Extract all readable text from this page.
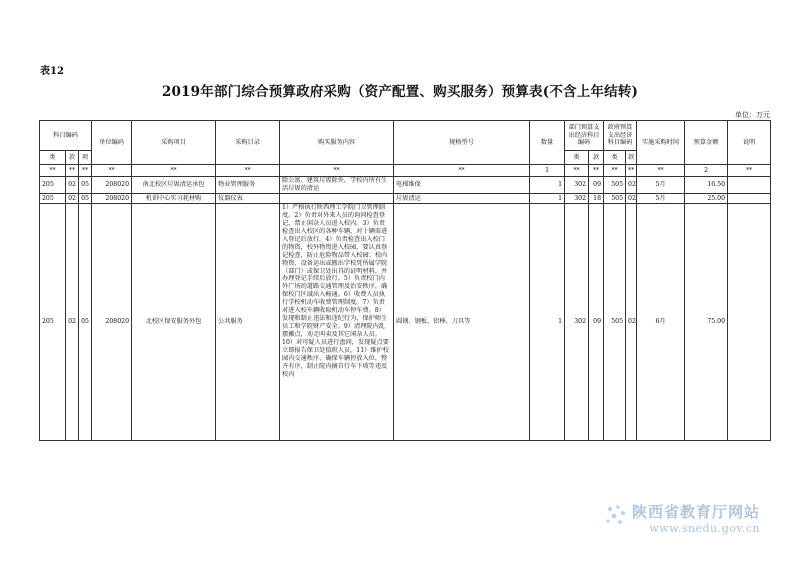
表12
2019年部门综合预算政府采购（资产配置、购买服务）预算表(不含上年结转)
单位：万元
科目编码			单位编码	采购项目	采购目录	购买服务内容	规格型号	数量	部门预算支出经济科目编码		政府预算支出经济科目编码		实施采购时间	预算金额	说明
类	款	项							类	款	类	款			
**	**	**	**	**	**	**	**	1	**	**	**	**	**	2	**
205	02	05	208020	南北校区垃圾清运承包	物业管理服务	除公寓、建筑垃圾除外，学校内所有生活垃圾的清运	电梯维保	1	302	09	505	02	5月	16.50	
205	02	05	208020	机训中心实习耗材购	仪器仪表		垃圾清运	1	302	18	505	02	5月	25.00	
205	02	05	208020	北校区保安服务外包	公共服务	1）严格执行陕西理工学院门卫管理制度。2）负责对外来人员的询问检查登记，禁止闲杂人员进入校内。3）负责检查出入校区的各种车辆，对十辆需进入登记后放行。4）负责检查出入校门的物资，校外物资进入校园，要认真登记检查，防止危险物品带入校园；校内物资、设备运出或搬出学校凭所属学院（部门）或保卫处出具的证明材料，并办理登记手续后放行。5）负责校门内外广场的道路交通管理及治安秩序，确保校门区域出入畅通。6）收费人员执行学校机动车收费管理制度。7）负责对进入校车辆收取机动车停车费。8）发现和制止违法和违纪行为，保护师生员工和学院财产安全。9）清理院内乱摆摊点，劝走叫卖及其它闲杂人员。10）对可疑人员进行盘问，发现疑点要立即报告保卫处值班人员。11）维护校园内交通秩序，确保车辆停放入位，整齐有序，制止院内摘自行车下坡等违反校内	圆钢、钢板、铝棒、刀具等	1	302	09	505	02	6月	75.00	
陕西省教育厅网站
www.snedu.gov.cn
